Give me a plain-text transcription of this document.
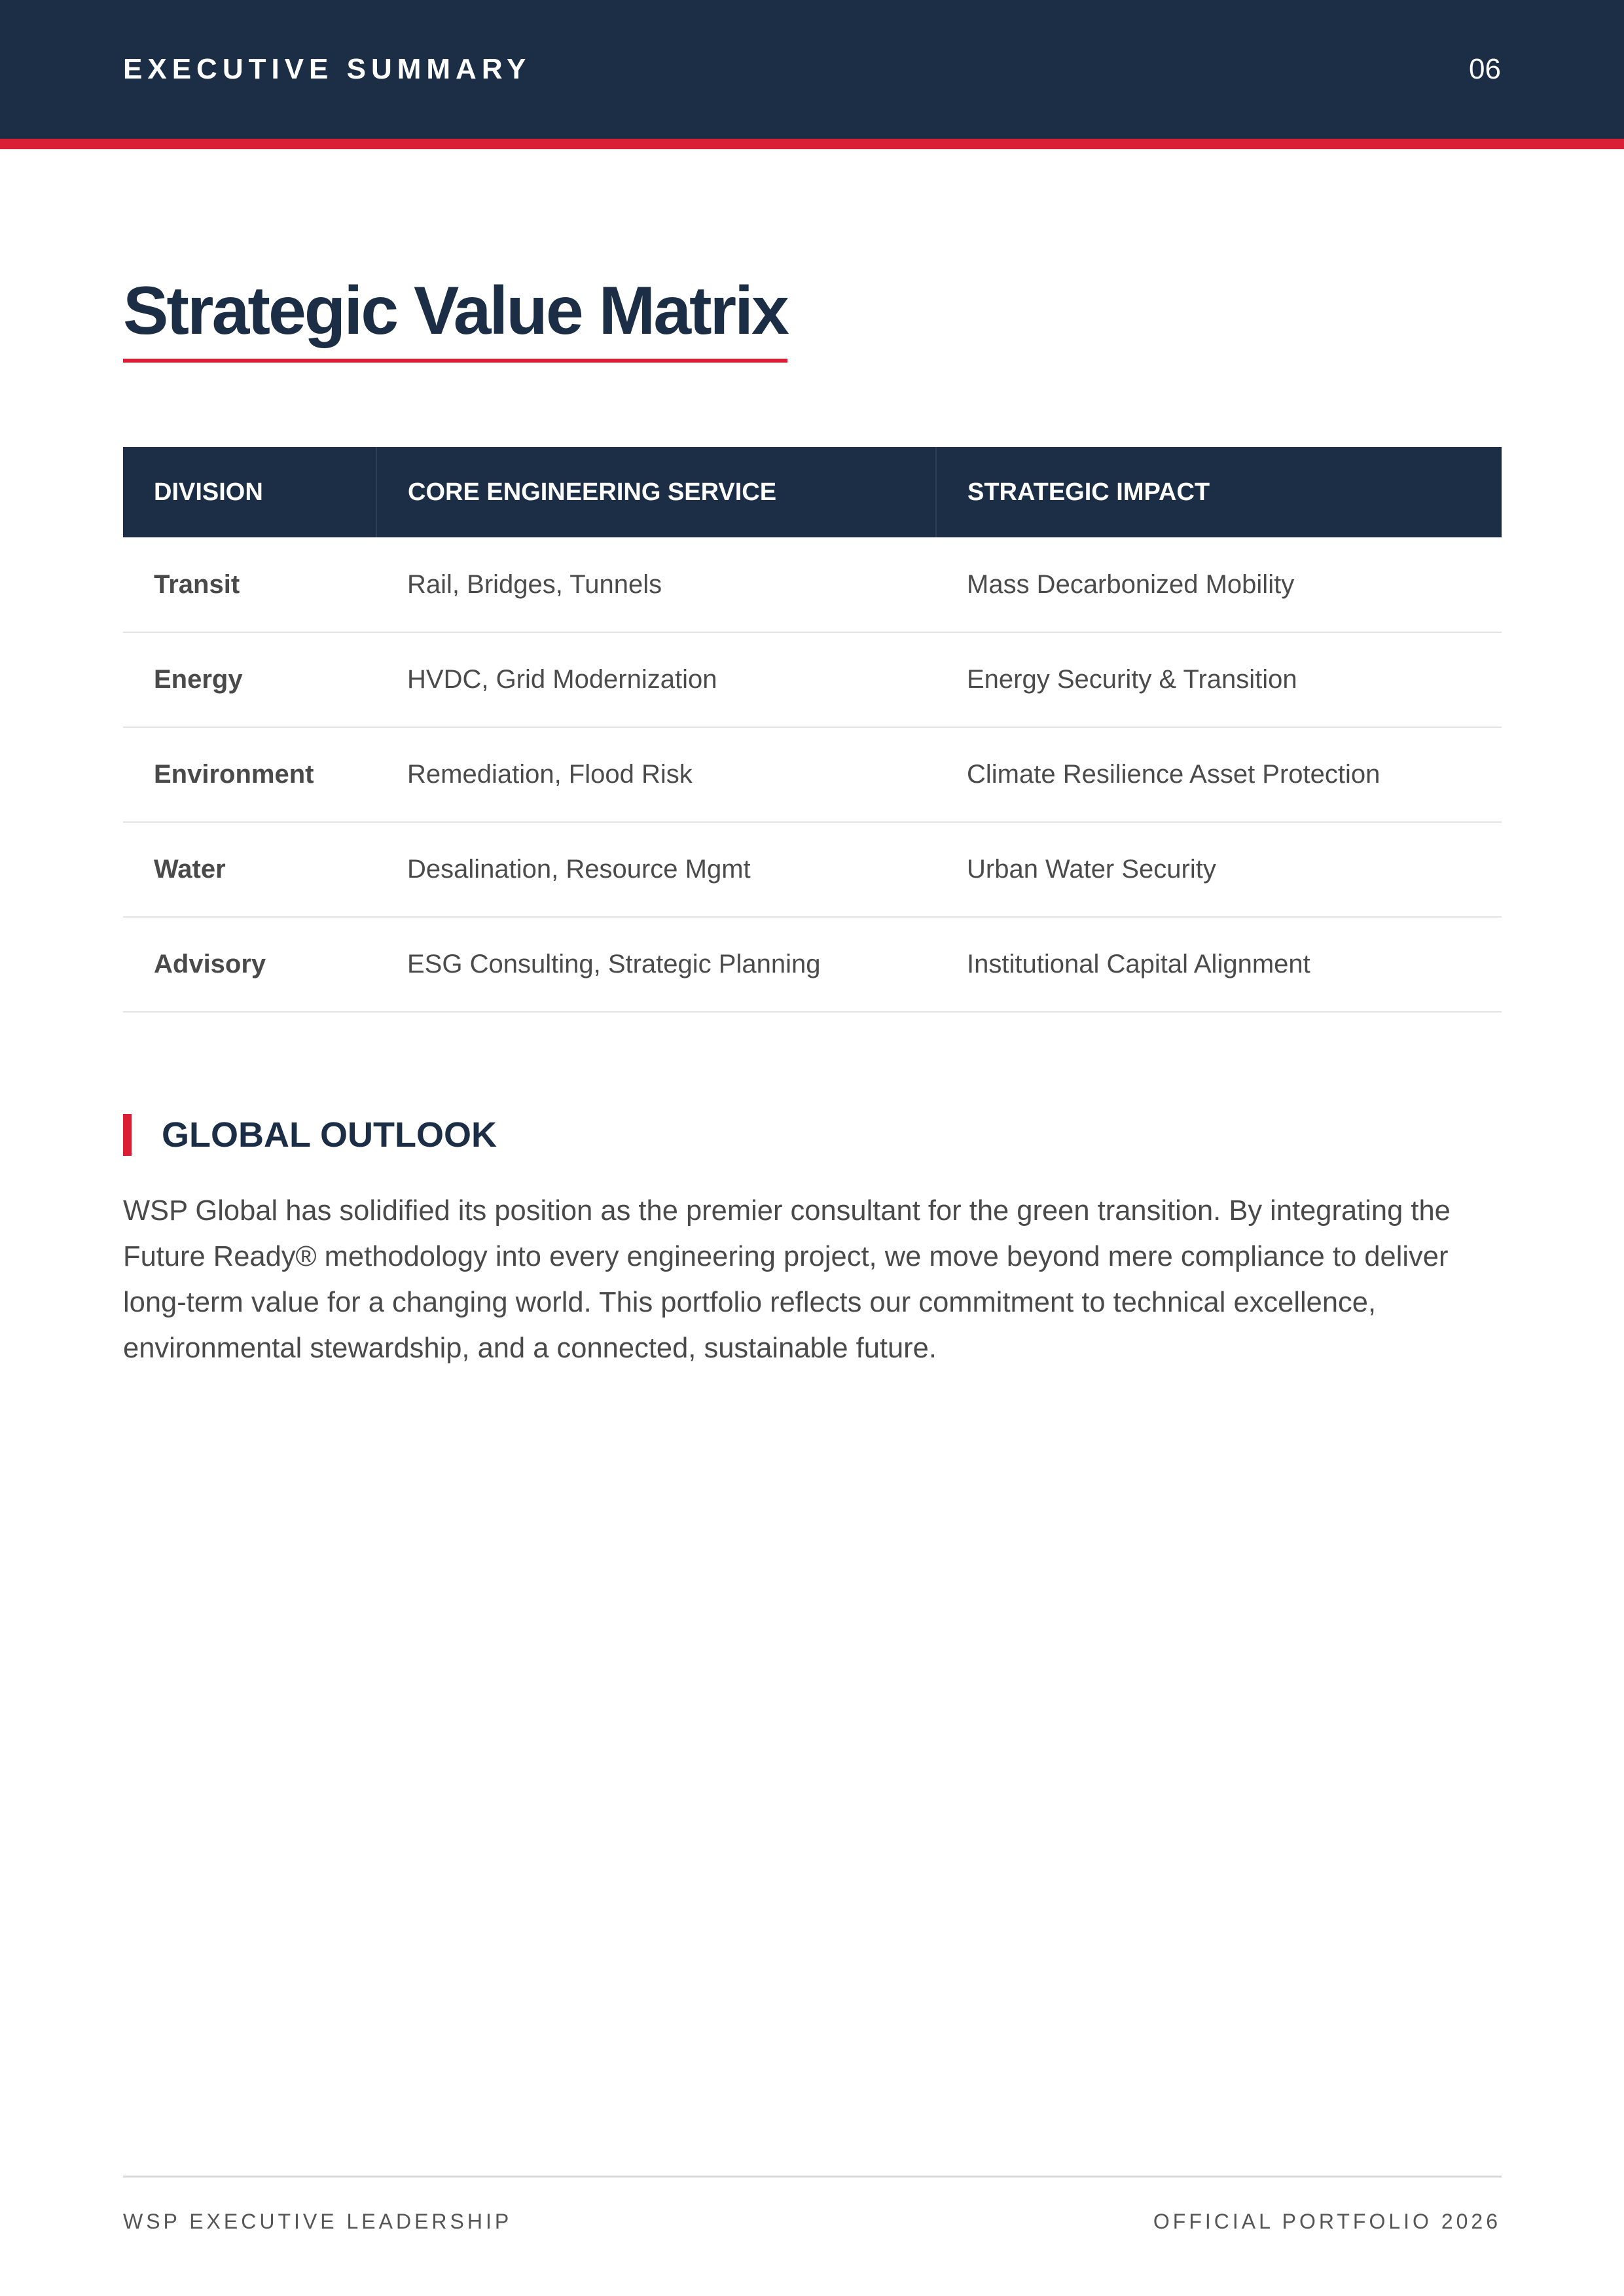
EXECUTIVE SUMMARY	06
Strategic Value Matrix
DIVISION	CORE ENGINEERING SERVICE	STRATEGIC IMPACT
Transit	Rail, Bridges, Tunnels	Mass Decarbonized Mobility
Energy	HVDC, Grid Modernization	Energy Security & Transition
Environment	Remediation, Flood Risk	Climate Resilience Asset Protection
Water	Desalination, Resource Mgmt	Urban Water Security
Advisory	ESG Consulting, Strategic Planning	Institutional Capital Alignment
GLOBAL OUTLOOK

WSP Global has solidified its position as the premier consultant for the green transition. By integrating the Future Ready® methodology into every engineering project, we move beyond mere compliance to deliver long-term value for a changing world. This portfolio reflects our commitment to technical excellence, environmental stewardship, and a connected, sustainable future.

WSP EXECUTIVE LEADERSHIP	OFFICIAL PORTFOLIO 2026
